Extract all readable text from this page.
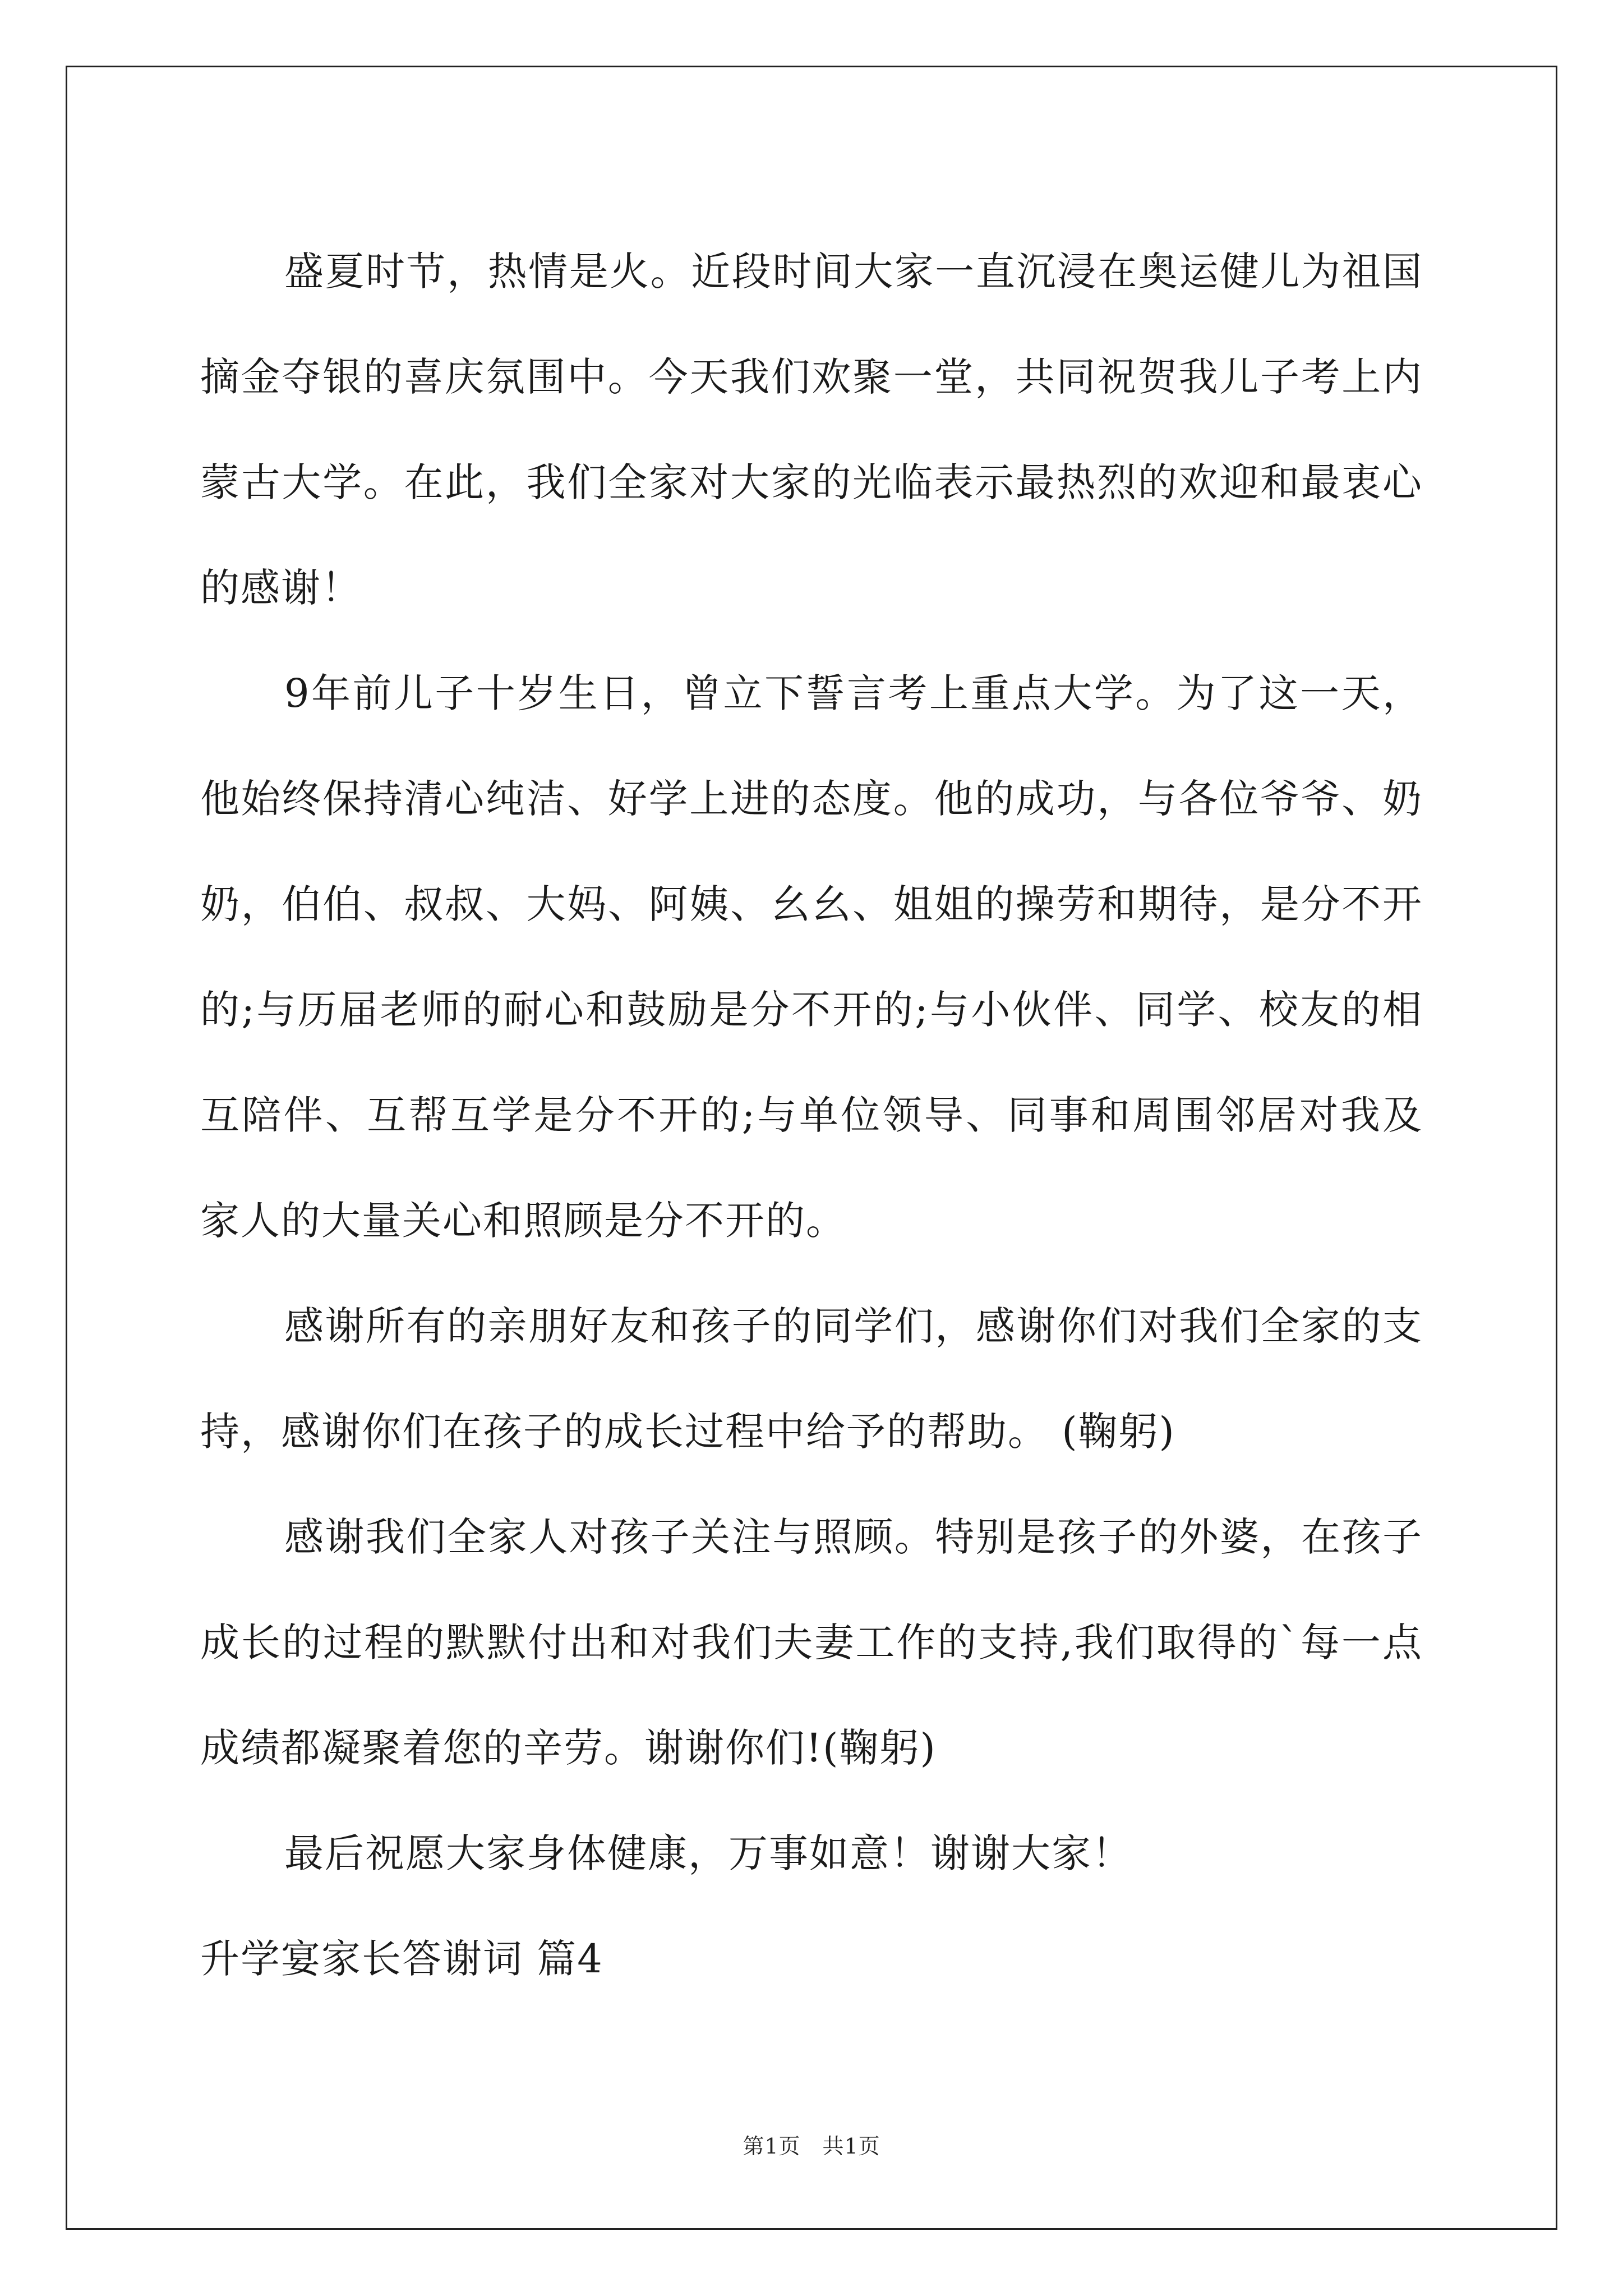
盛夏时节，热情是火。近段时间大家一直沉浸在奥运健儿为祖国摘金夺银的喜庆氛围中。今天我们欢聚一堂，共同祝贺我儿子考上内蒙古大学。在此，我们全家对大家的光临表示最热烈的欢迎和最衷心的感谢！

9年前儿子十岁生日，曾立下誓言考上重点大学。为了这一天，他始终保持清心纯洁、好学上进的态度。他的成功，与各位爷爷、奶奶，伯伯、叔叔、大妈、阿姨、幺幺、姐姐的操劳和期待，是分不开的;与历届老师的耐心和鼓励是分不开的;与小伙伴、同学、校友的相互陪伴、互帮互学是分不开的;与单位领导、同事和周围邻居对我及家人的大量关心和照顾是分不开的。

感谢所有的亲朋好友和孩子的同学们，感谢你们对我们全家的支持，感谢你们在孩子的成长过程中给予的帮助。 (鞠躬)

感谢我们全家人对孩子关注与照顾。特别是孩子的外婆，在孩子成长的过程的默默付出和对我们夫妻工作的支持,我们取得的`每一点成绩都凝聚着您的辛劳。谢谢你们!(鞠躬)

最后祝愿大家身体健康，万事如意！谢谢大家！

升学宴家长答谢词 篇4

第1页　共1页
